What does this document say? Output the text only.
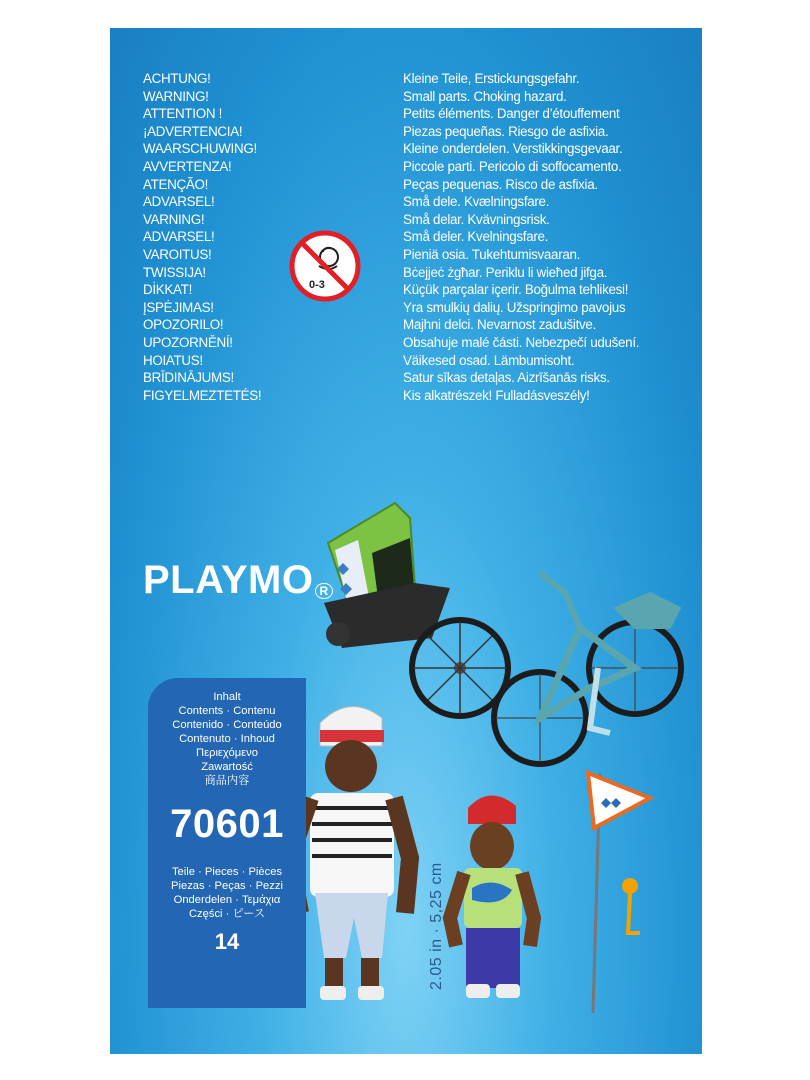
ACHTUNG!
WARNING!
ATTENTION !
¡ADVERTENCIA!
WAARSCHUWING!
AVVERTENZA!
ATENÇÃO!
ADVARSEL!
VARNING!
ADVARSEL!
VAROITUS!
TWISSIJA!
DİKKAT!
ĮSPĖJIMAS!
OPOZORILO!
UPOZORNĚNÍ!
HOIATUS!
BRĪDINĀJUMS!
FIGYELMEZTETÉS!
Kleine Teile, Erstickungsgefahr.
Small parts. Choking hazard.
Petits éléments. Danger d’étouffement
Piezas pequeñas. Riesgo de asfixia.
Kleine onderdelen. Verstikkingsgevaar.
Piccole parti. Pericolo di soffocamento.
Peças pequenas. Risco de asfixia.
Små dele. Kvælningsfare.
Små delar. Kvävningsrisk.
Små deler. Kvelningsfare.
Pieniä osia. Tukehtumisvaaran.
Bċejjeċ żgħar. Periklu li wieħed jifga.
Küçük parçalar içerir. Boğulma tehlikesi!
Yra smulkių dalių. Užspringimo pavojus
Majhni delci. Nevarnost zadušitve.
Obsahuje malé části. Nebezpečí udušení.
Väikesed osad. Lämbumisoht.
Satur sīkas detaļas. Aizrīšanās risks.
Kis alkatrészek! Fulladásveszély!
0-3
PLAYMO $^R$
2.05 in · 5,25 cm
Inhalt
Contents · Contenu
Contenido · Conteúdo
Contenuto · Inhoud
Περιεχόμενο
Zawartość
商品内容
70601
Teile · Pieces · Pièces
Piezas · Peças · Pezzi
Onderdelen · Τεμάχια
Części · ピース
14
